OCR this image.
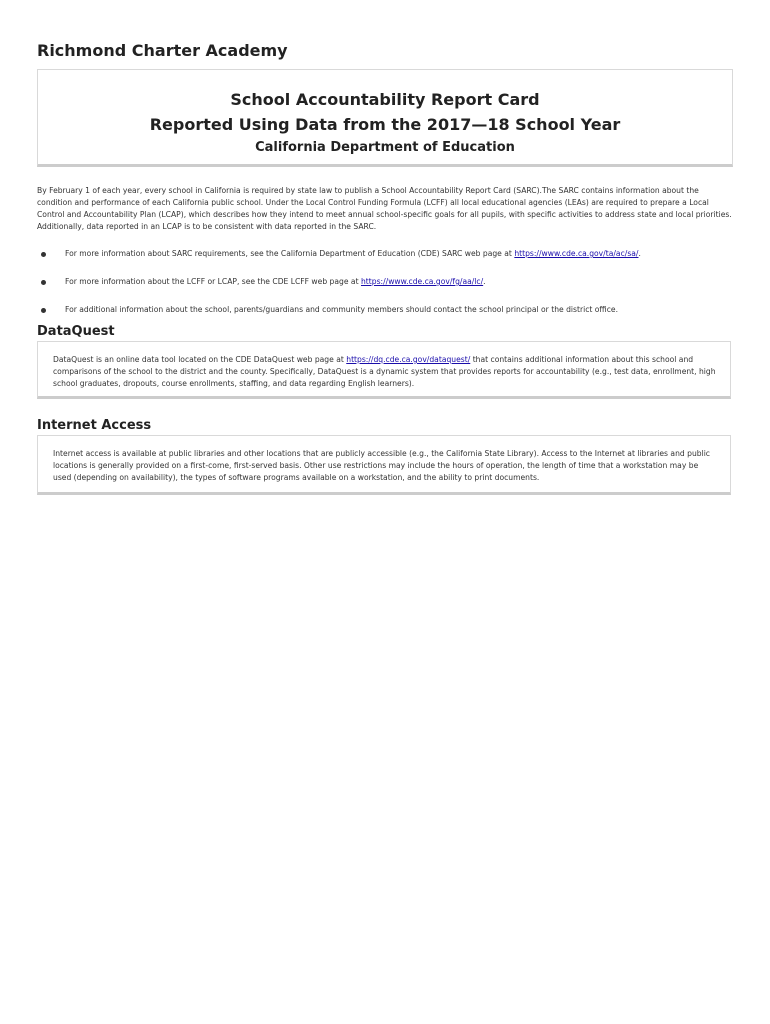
Richmond Charter Academy
School Accountability Report Card
Reported Using Data from the 2017—18 School Year
California Department of Education

By February 1 of each year, every school in California is required by state law to publish a School Accountability Report Card (SARC).The SARC contains information about the condition and performance of each California public school. Under the Local Control Funding Formula (LCFF) all local educational agencies (LEAs) are required to prepare a Local Control and Accountability Plan (LCAP), which describes how they intend to meet annual school-specific goals for all pupils, with specific activities to address state and local priorities. Additionally, data reported in an LCAP is to be consistent with data reported in the SARC.

For more information about SARC requirements, see the California Department of Education (CDE) SARC web page at https://www.cde.ca.gov/ta/ac/sa/.
For more information about the LCFF or LCAP, see the CDE LCFF web page at https://www.cde.ca.gov/fg/aa/lc/.
For additional information about the school, parents/guardians and community members should contact the school principal or the district office.
DataQuest

DataQuest is an online data tool located on the CDE DataQuest web page at https://dq.cde.ca.gov/dataquest/ that contains additional information about this school and comparisons of the school to the district and the county. Specifically, DataQuest is a dynamic system that provides reports for accountability (e.g., test data, enrollment, high school graduates, dropouts, course enrollments, staffing, and data regarding English learners).

Internet Access

Internet access is available at public libraries and other locations that are publicly accessible (e.g., the California State Library). Access to the Internet at libraries and public locations is generally provided on a first-come, first-served basis. Other use restrictions may include the hours of operation, the length of time that a workstation may be used (depending on availability), the types of software programs available on a workstation, and the ability to print documents.
